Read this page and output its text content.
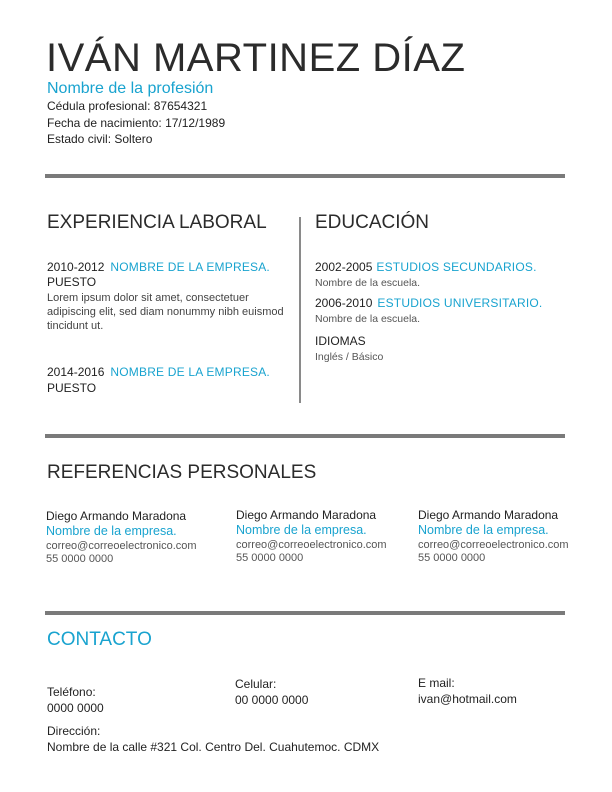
IVÁN MARTINEZ DÍAZ
Nombre de la profesión
Cédula profesional: 87654321
Fecha de nacimiento: 17/12/1989
Estado civil: Soltero
EXPERIENCIA LABORAL
2010-2012 NOMBRE DE LA EMPRESA.
PUESTO
Lorem ipsum dolor sit amet, consectetuer adipiscing elit, sed diam nonummy nibh euismod tincidunt ut.
2014-2016 NOMBRE DE LA EMPRESA.
PUESTO
EDUCACIÓN
2002-2005 ESTUDIOS SECUNDARIOS.
Nombre de la escuela.
2006-2010 ESTUDIOS UNIVERSITARIO.
Nombre de la escuela.
IDIOMAS
Inglés / Básico
REFERENCIAS PERSONALES
Diego Armando Maradona
Nombre de la empresa.
correo@correoelectronico.com
55 0000 0000
Diego Armando Maradona
Nombre de la empresa.
correo@correoelectronico.com
55 0000 0000
Diego Armando Maradona
Nombre de la empresa.
correo@correoelectronico.com
55 0000 0000
CONTACTO
Teléfono:
0000 0000
Celular:
00 0000 0000
E mail:
ivan@hotmail.com
Dirección:
Nombre de la calle #321 Col. Centro Del. Cuahutemoc. CDMX
